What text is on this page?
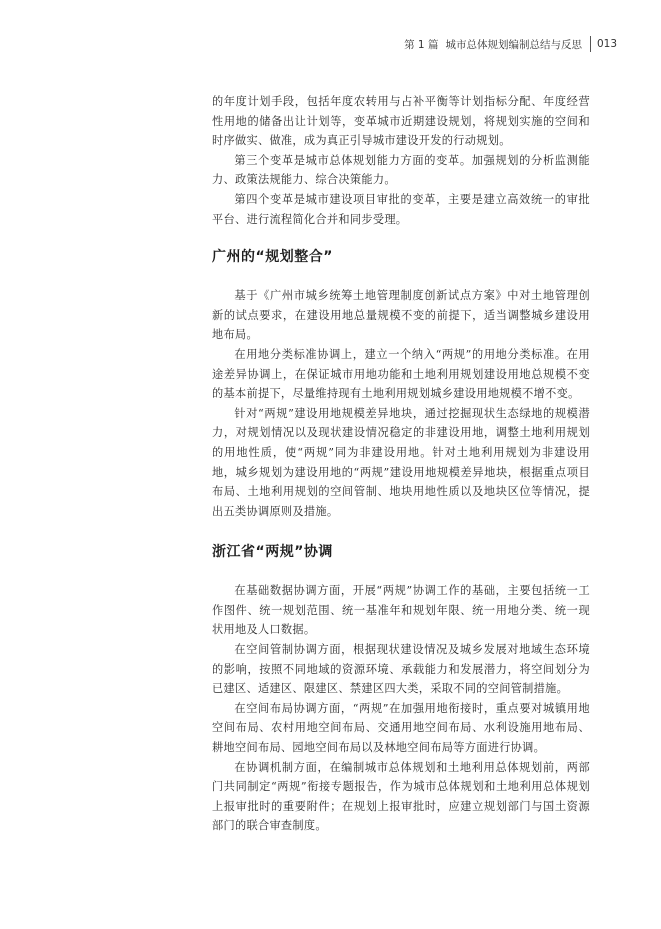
第 1 篇 城市总体规划编制总结与反思 013

的年度计划手段，包括年度农转用与占补平衡等计划指标分配、年度经营性用地的储备出让计划等，变革城市近期建设规划，将规划实施的空间和时序做实、做准，成为真正引导城市建设开发的行动规划。

第三个变革是城市总体规划能力方面的变革。加强规划的分析监测能力、政策法规能力、综合决策能力。

第四个变革是城市建设项目审批的变革，主要是建立高效统一的审批平台、进行流程简化合并和同步受理。

广州的“规划整合”

基于《广州市城乡统筹土地管理制度创新试点方案》中对土地管理创新的试点要求，在建设用地总量规模不变的前提下，适当调整城乡建设用地布局。

在用地分类标准协调上，建立一个纳入“两规”的用地分类标准。在用途差异协调上，在保证城市用地功能和土地利用规划建设用地总规模不变的基本前提下，尽量维持现有土地利用规划城乡建设用地规模不增不变。

针对“两规”建设用地规模差异地块，通过挖掘现状生态绿地的规模潜力，对规划情况以及现状建设情况稳定的非建设用地，调整土地利用规划的用地性质，使“两规”同为非建设用地。针对土地利用规划为非建设用地，城乡规划为建设用地的“两规”建设用地规模差异地块，根据重点项目布局、土地利用规划的空间管制、地块用地性质以及地块区位等情况，提出五类协调原则及措施。

浙江省“两规”协调

在基础数据协调方面，开展“两规”协调工作的基础，主要包括统一工作图件、统一规划范围、统一基准年和规划年限、统一用地分类、统一现状用地及人口数据。

在空间管制协调方面，根据现状建设情况及城乡发展对地域生态环境的影响，按照不同地域的资源环境、承载能力和发展潜力，将空间划分为已建区、适建区、限建区、禁建区四大类，采取不同的空间管制措施。

在空间布局协调方面，“两规”在加强用地衔接时，重点要对城镇用地空间布局、农村用地空间布局、交通用地空间布局、水利设施用地布局、耕地空间布局、园地空间布局以及林地空间布局等方面进行协调。

在协调机制方面，在编制城市总体规划和土地利用总体规划前，两部门共同制定“两规”衔接专题报告，作为城市总体规划和土地利用总体规划上报审批时的重要附件；在规划上报审批时，应建立规划部门与国土资源部门的联合审查制度。
